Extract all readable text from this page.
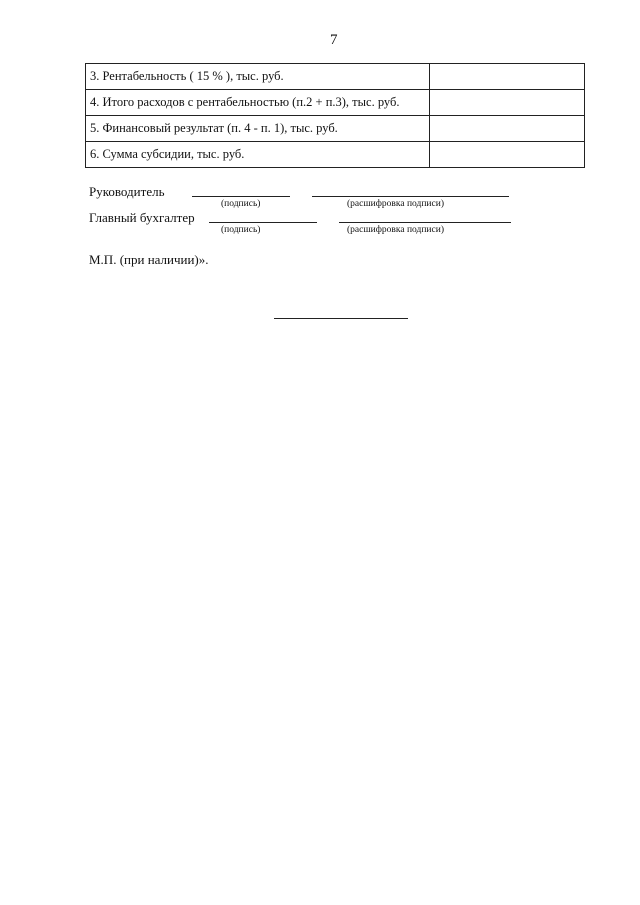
7
3. Рентабельность ( 15 % ), тыс. руб.	
4. Итого расходов с рентабельностью (п.2 + п.3), тыс. руб.	
5. Финансовый результат (п. 4 - п. 1), тыс. руб.	
6. Сумма субсидии, тыс. руб.	
Руководитель
(подпись)	(расшифровка подписи)
Главный бухгалтер
(подпись)	(расшифровка подписи)
М.П. (при наличии)».
